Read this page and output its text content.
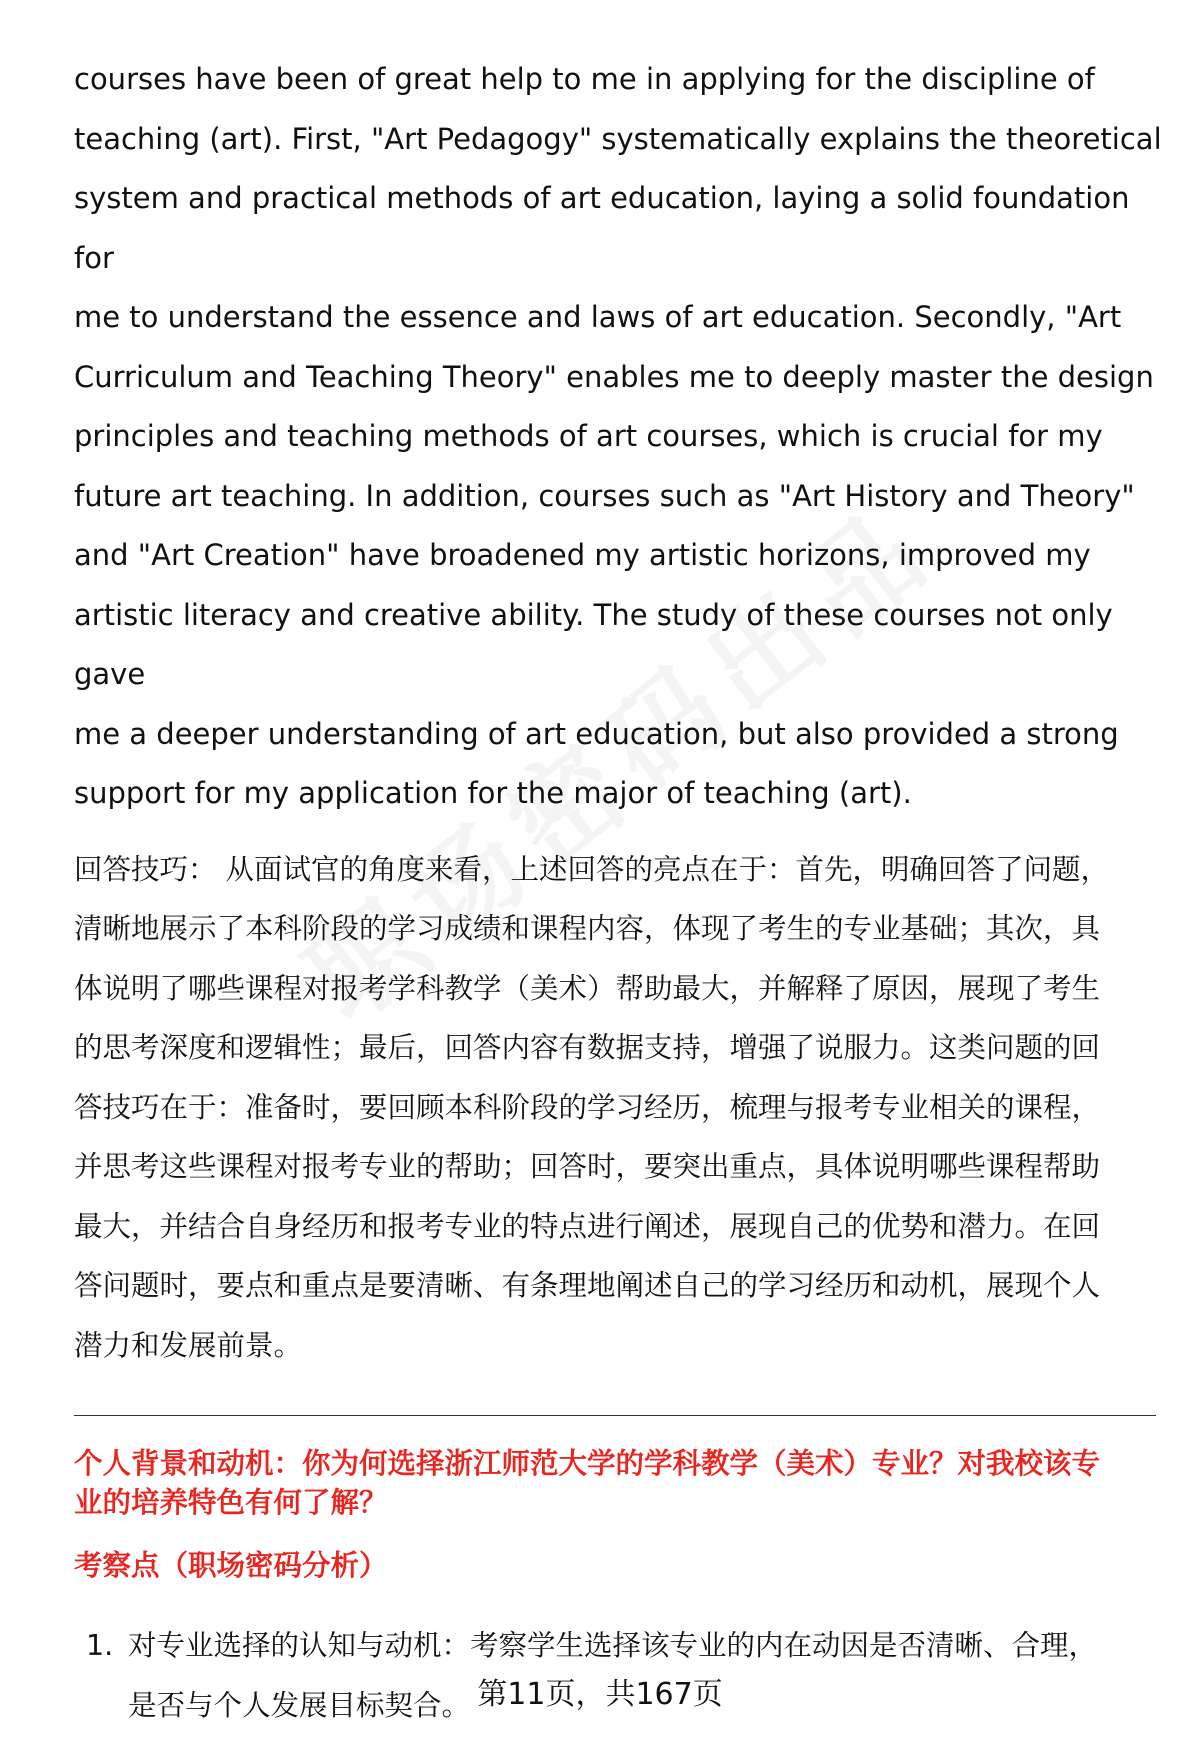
courses have been of great help to me in applying for the discipline of

teaching (art). First, "Art Pedagogy" systematically explains the theoretical

system and practical methods of art education, laying a solid foundation for

me to understand the essence and laws of art education. Secondly, "Art

Curriculum and Teaching Theory" enables me to deeply master the design

principles and teaching methods of art courses, which is crucial for my

future art teaching. In addition, courses such as "Art History and Theory"

and "Art Creation" have broadened my artistic horizons, improved my

artistic literacy and creative ability. The study of these courses not only gave

me a deeper understanding of art education, but also provided a strong

support for my application for the major of teaching (art).

回答技巧： 从面试官的角度来看，上述回答的亮点在于：首先，明确回答了问题，
清晰地展示了本科阶段的学习成绩和课程内容，体现了考生的专业基础；其次，具
体说明了哪些课程对报考学科教学（美术）帮助最大，并解释了原因，展现了考生
的思考深度和逻辑性；最后，回答内容有数据支持，增强了说服力。这类问题的回
答技巧在于：准备时，要回顾本科阶段的学习经历，梳理与报考专业相关的课程，
并思考这些课程对报考专业的帮助；回答时，要突出重点，具体说明哪些课程帮助
最大，并结合自身经历和报考专业的特点进行阐述，展现自己的优势和潜力。在回
答问题时，要点和重点是要清晰、有条理地阐述自己的学习经历和动机，展现个人
潜力和发展前景。
个人背景和动机：你为何选择浙江师范大学的学科教学（美术）专业？对我校该专
业的培养特色有何了解？
考察点（职场密码分析）
1. 对专业选择的认知与动机：考察学生选择该专业的内在动因是否清晰、合理，
是否与个人发展目标契合。 第11页，共167页
